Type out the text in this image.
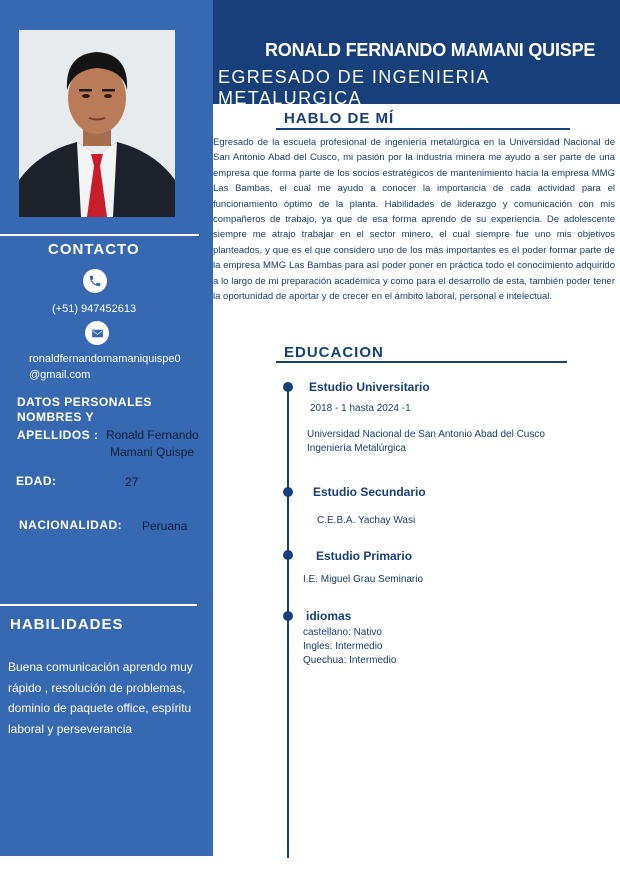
CONTACTO
(+51) 947452613
ronaldfernandomamaniquispe0
@gmail.com
DATOS PERSONALES
NOMBRES Y
APELLIDOS : Ronald Fernando
Mamani Quispe
EDAD:	27
NACIONALIDAD: Peruana
HABILIDADES
Buena comunicación aprendo muy rápido , resolución de problemas, dominio de paquete office, espíritu laboral y perseverancia
RONALD FERNANDO MAMANI QUISPE
EGRESADO DE INGENIERIA METALURGICA
HABLO DE MÍ
Egresado de la escuela profesional de ingeniería metalúrgica en la Universidad Nacional de San Antonio Abad del Cusco, mi pasión por la industria minera me ayudo a ser parte de una empresa que forma parte de los socios estratégicos de mantenimiento hacia la empresa MMG Las Bambas, el cual me ayudo a conocer la importancia de cada actividad para el funcionamiento óptimo de la planta. Habilidades de liderazgo y comunicación con mis compañeros de trabajo, ya que de esa forma aprendo de su experiencia. De adolescente siempre me atrajo trabajar en el sector minero, el cual siempre fue uno mis objetivos planteados, y que es el que considero uno de los más importantes es el poder formar parte de la empresa MMG Las Bambas para así poder poner en práctica todo el conocimiento adquirido a lo largo de mi preparación académica y como para el desarrollo de esta, también poder tener la oportunidad de aportar y de crecer en el ámbito laboral, personal e intelectual.
EDUCACION
Estudio Universitario
2018 - 1 hasta 2024 -1
Universidad Nacional de San Antonio Abad del Cusco
Ingeniería Metalúrgica
Estudio Secundario
C.E.B.A. Yachay Wasi
Estudio Primario
I.E. Miguel Grau Seminario
idiomas
castellano: Nativo
Ingles: Intermedio
Quechua: Intermedio
